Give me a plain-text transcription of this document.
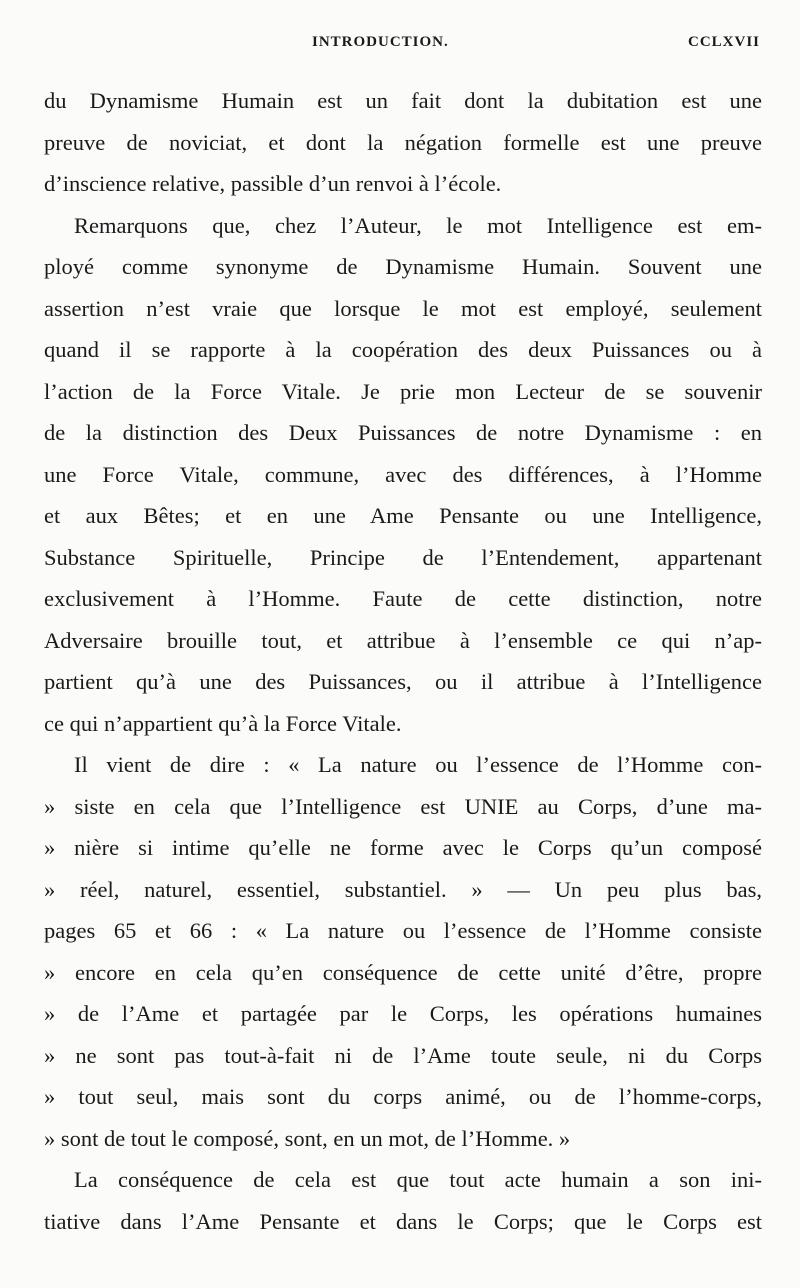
INTRODUCTION.	CCLXVII
du Dynamisme Humain est un fait dont la dubitation est une
preuve de noviciat, et dont la négation formelle est une preuve
d’inscience relative, passible d’un renvoi à l’école.
Remarquons que, chez l’Auteur, le mot Intelligence est em-
ployé comme synonyme de Dynamisme Humain. Souvent une
assertion n’est vraie que lorsque le mot est employé, seulement
quand il se rapporte à la coopération des deux Puissances ou à
l’action de la Force Vitale. Je prie mon Lecteur de se souvenir
de la distinction des Deux Puissances de notre Dynamisme : en
une Force Vitale, commune, avec des différences, à l’Homme
et aux Bêtes; et en une Ame Pensante ou une Intelligence,
Substance Spirituelle, Principe de l’Entendement, appartenant
exclusivement à l’Homme. Faute de cette distinction, notre
Adversaire brouille tout, et attribue à l’ensemble ce qui n’ap-
partient qu’à une des Puissances, ou il attribue à l’Intelligence
ce qui n’appartient qu’à la Force Vitale.
Il vient de dire : « La nature ou l’essence de l’Homme con-
» siste en cela que l’Intelligence est UNIE au Corps, d’une ma-
» nière si intime qu’elle ne forme avec le Corps qu’un composé
» réel, naturel, essentiel, substantiel. » — Un peu plus bas,
pages 65 et 66 : « La nature ou l’essence de l’Homme consiste
» encore en cela qu’en conséquence de cette unité d’être, propre
» de l’Ame et partagée par le Corps, les opérations humaines
» ne sont pas tout-à-fait ni de l’Ame toute seule, ni du Corps
» tout seul, mais sont du corps animé, ou de l’homme-corps,
» sont de tout le composé, sont, en un mot, de l’Homme. »
La conséquence de cela est que tout acte humain a son ini-
tiative dans l’Ame Pensante et dans le Corps; que le Corps est
